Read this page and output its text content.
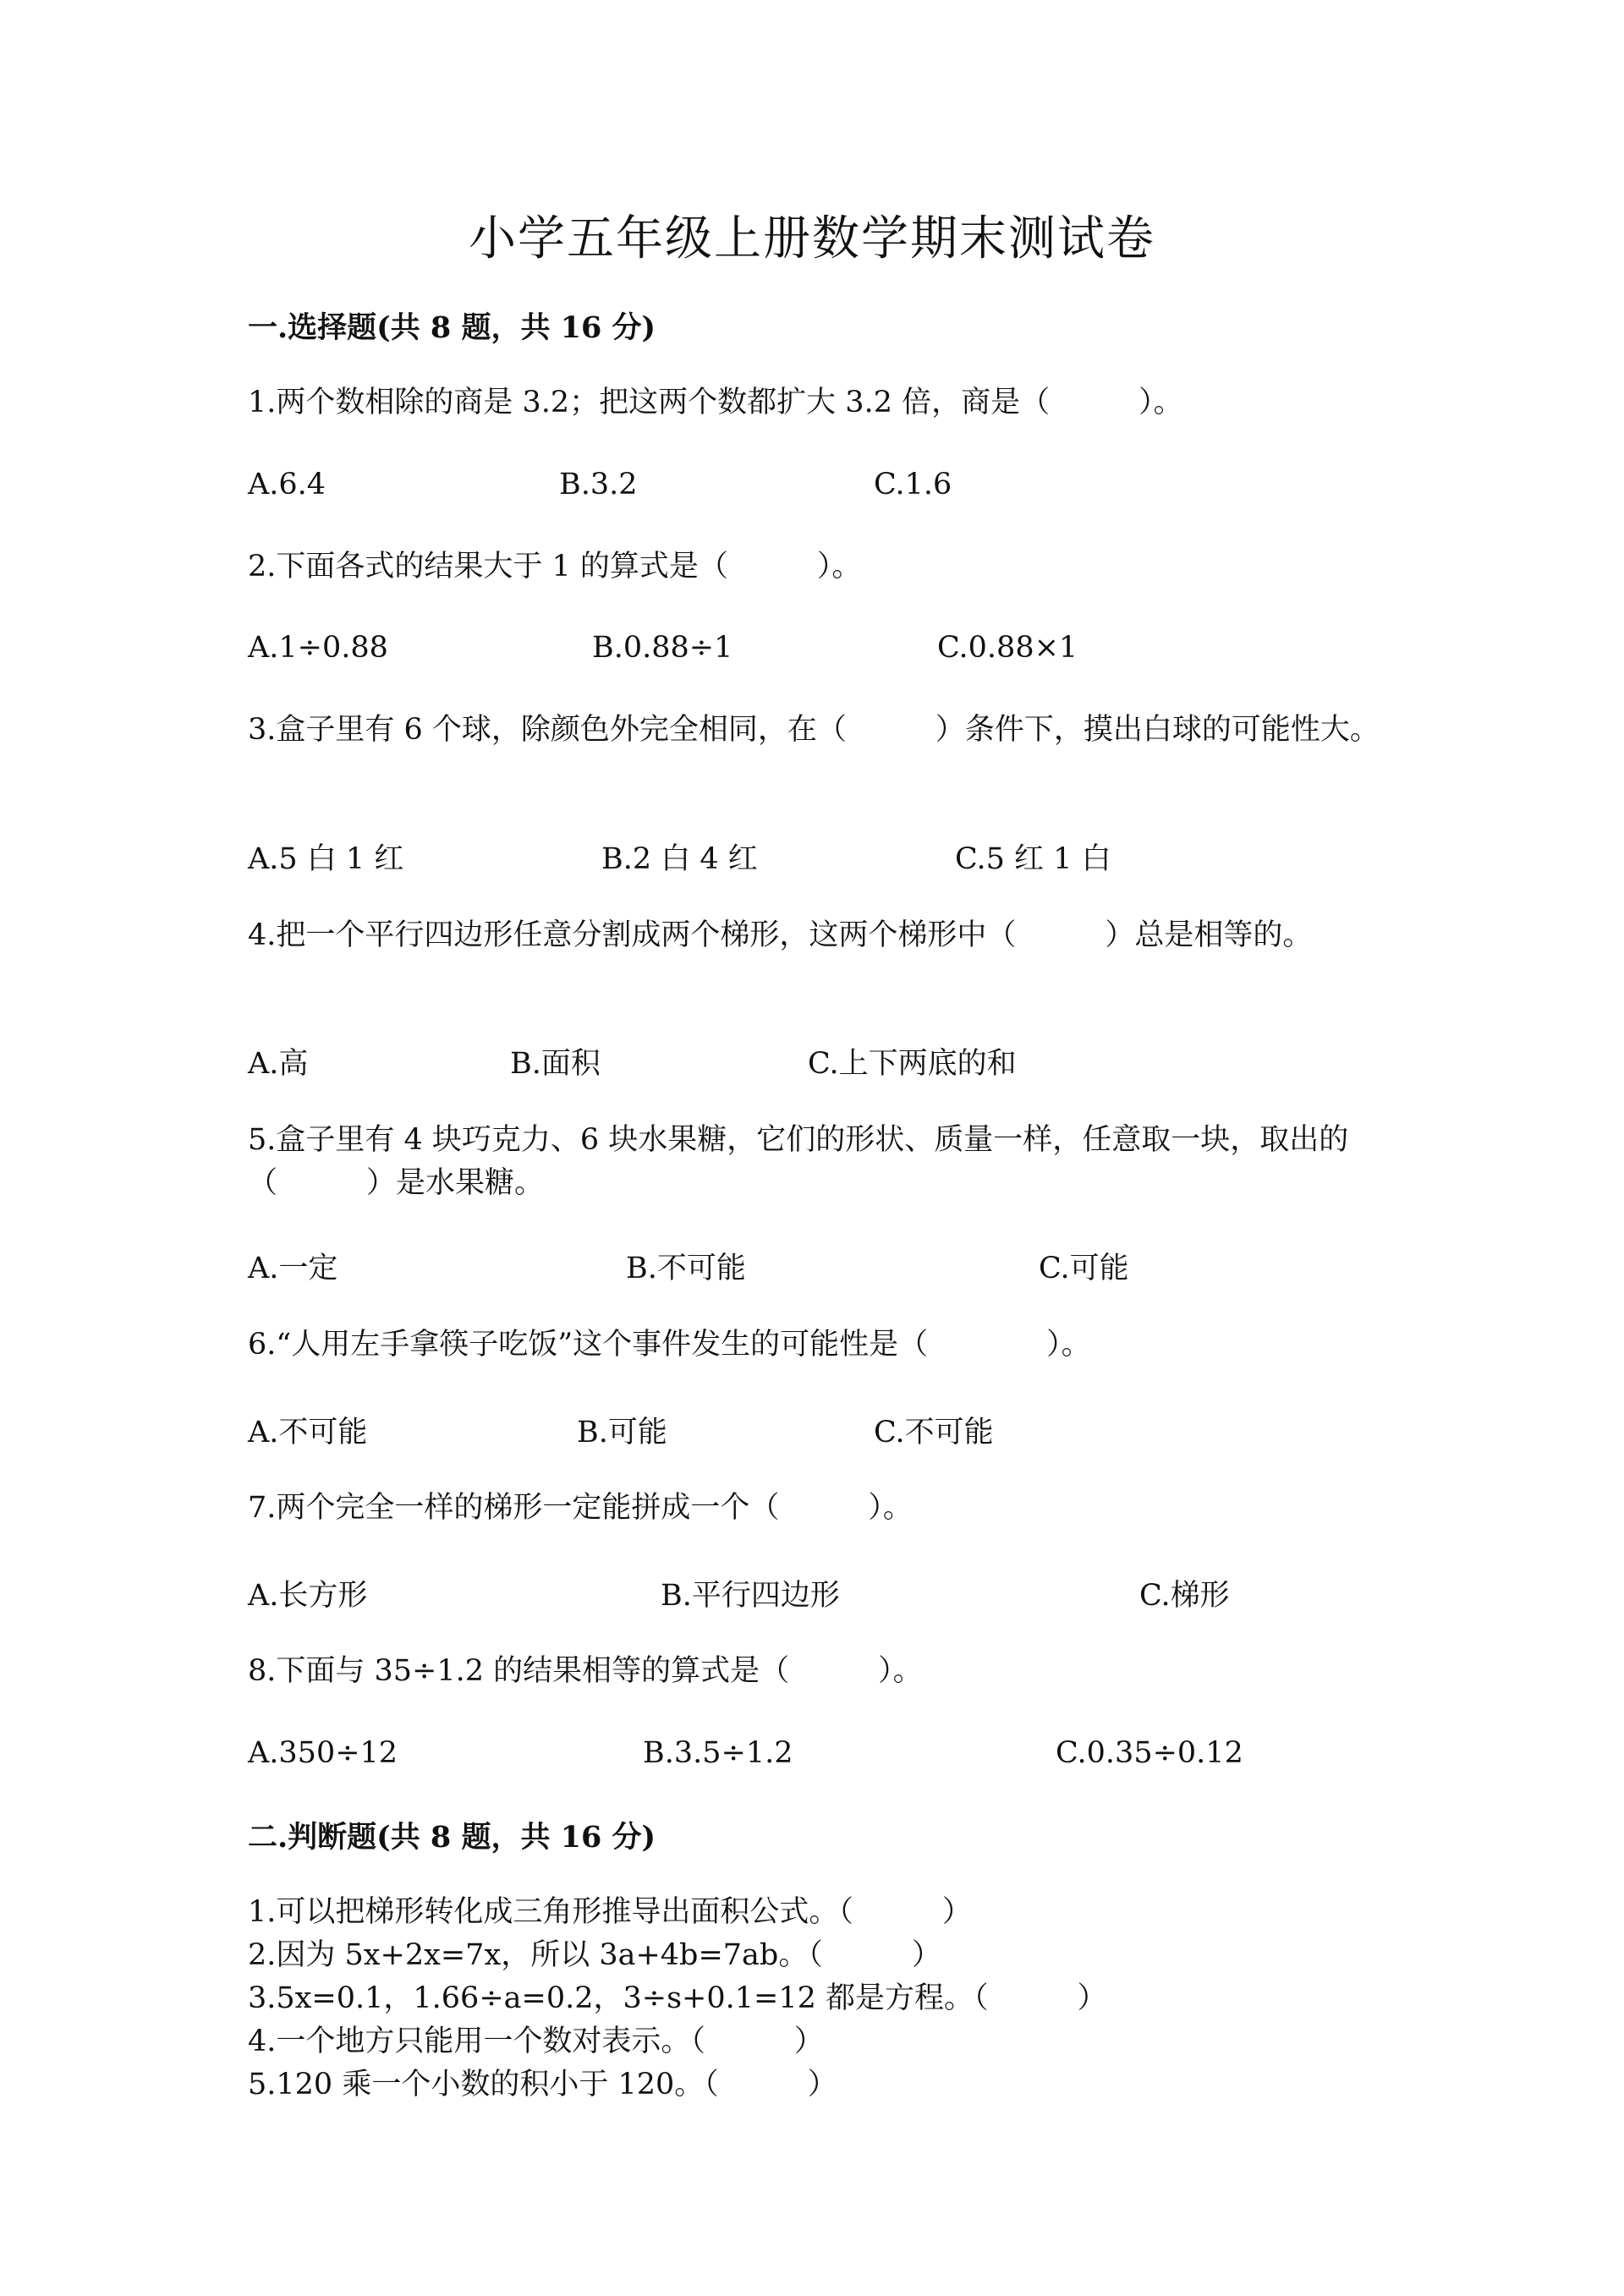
小学五年级上册数学期末测试卷
一.选择题(共 8 题，共 16 分)
1.两个数相除的商是 3.2；把这两个数都扩大 3.2 倍，商是（　　　）。
A.6.4	B.3.2	C.1.6
2.下面各式的结果大于 1 的算式是（　　　）。
A.1÷0.88	B.0.88÷1	C.0.88×1
3.盒子里有 6 个球，除颜色外完全相同，在（　　　）条件下，摸出白球的可能性大。
A.5 白 1 红	B.2 白 4 红	C.5 红 1 白
4.把一个平行四边形任意分割成两个梯形，这两个梯形中（　　　）总是相等的。
A.高	B.面积	C.上下两底的和
5.盒子里有 4 块巧克力、6 块水果糖，它们的形状、质量一样，任意取一块，取出的（　　　）是水果糖。
A.一定	B.不可能	C.可能
6.“人用左手拿筷子吃饭”这个事件发生的可能性是（　　　　）。
A.不可能	B.可能	C.不可能
7.两个完全一样的梯形一定能拼成一个（　　　）。
A.长方形	B.平行四边形	C.梯形
8.下面与 35÷1.2 的结果相等的算式是（　　　）。
A.350÷12	B.3.5÷1.2	C.0.35÷0.12
二.判断题(共 8 题，共 16 分)
1.可以把梯形转化成三角形推导出面积公式。（　　　）
2.因为 5x+2x=7x，所以 3a+4b=7ab。（　　　）
3.5x=0.1，1.66÷a=0.2，3÷s+0.1=12 都是方程。（　　　）
4.一个地方只能用一个数对表示。（　　　）
5.120 乘一个小数的积小于 120。（　　　）
